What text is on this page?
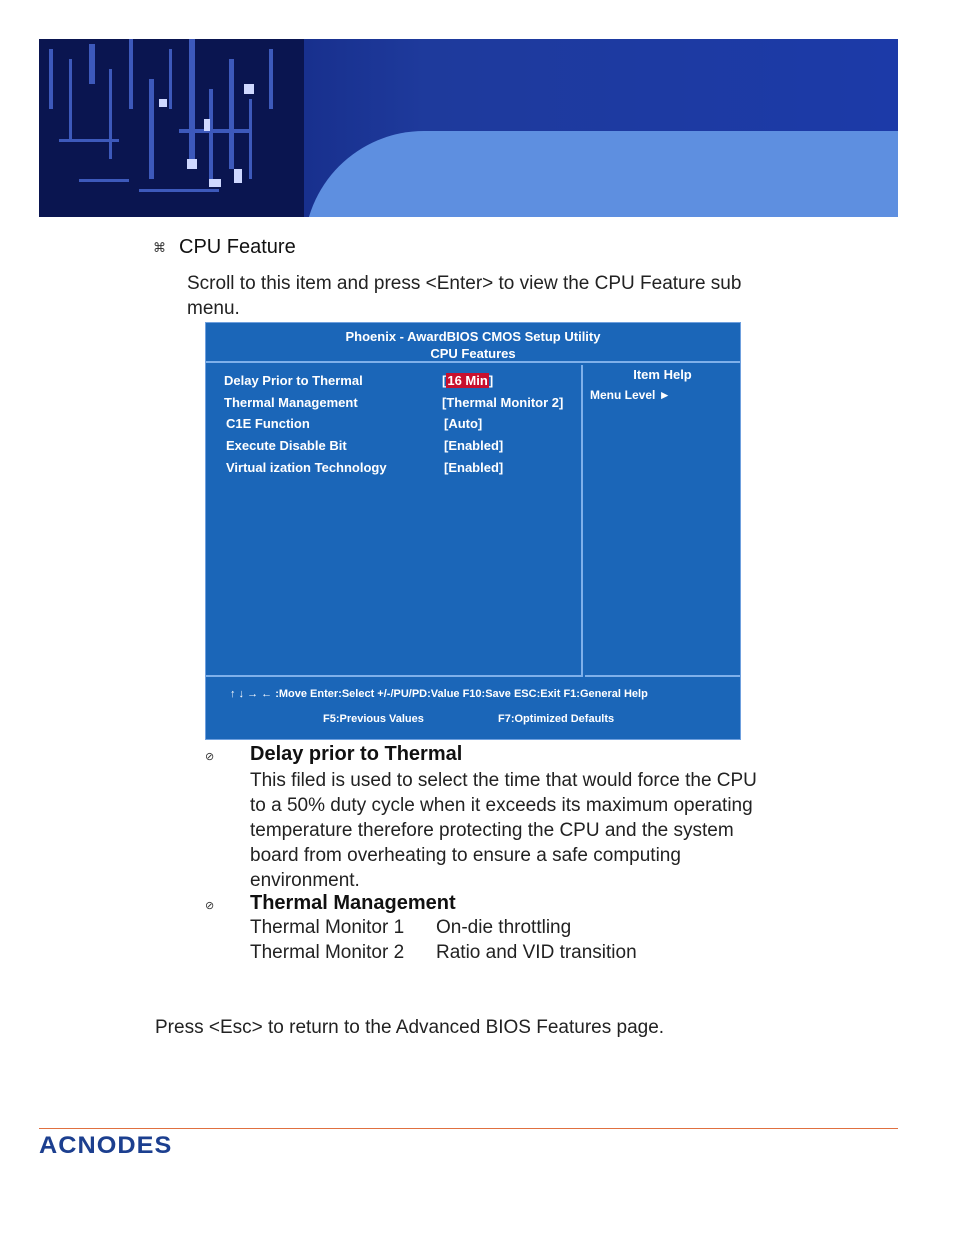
⌘ CPU Feature
Scroll to this item and press <Enter> to view the CPU Feature sub menu.
Phoenix - AwardBIOS CMOS Setup Utility
CPU Features
Delay Prior to Thermal	[16 Min]
Thermal Management	[Thermal Monitor 2]
C1E Function	[Auto]
Execute Disable Bit	[Enabled]
Virtual ization Technology	[Enabled]
Item Help
Menu Level ►
↑ ↓ → ← :Move Enter:Select +/-/PU/PD:Value F10:Save ESC:Exit F1:General Help
F5:Previous Values	F7:Optimized Defaults
⊘ Delay prior to Thermal
This filed is used to select the time that would force the CPU
to a 50% duty cycle when it exceeds its maximum operating
temperature therefore protecting the CPU and the system
board from overheating to ensure a safe computing
environment.
⊘ Thermal Management
Thermal Monitor 1	On-die throttling
Thermal Monitor 2	Ratio and VID transition
Press <Esc> to return to the Advanced BIOS Features page.
ACNODES
